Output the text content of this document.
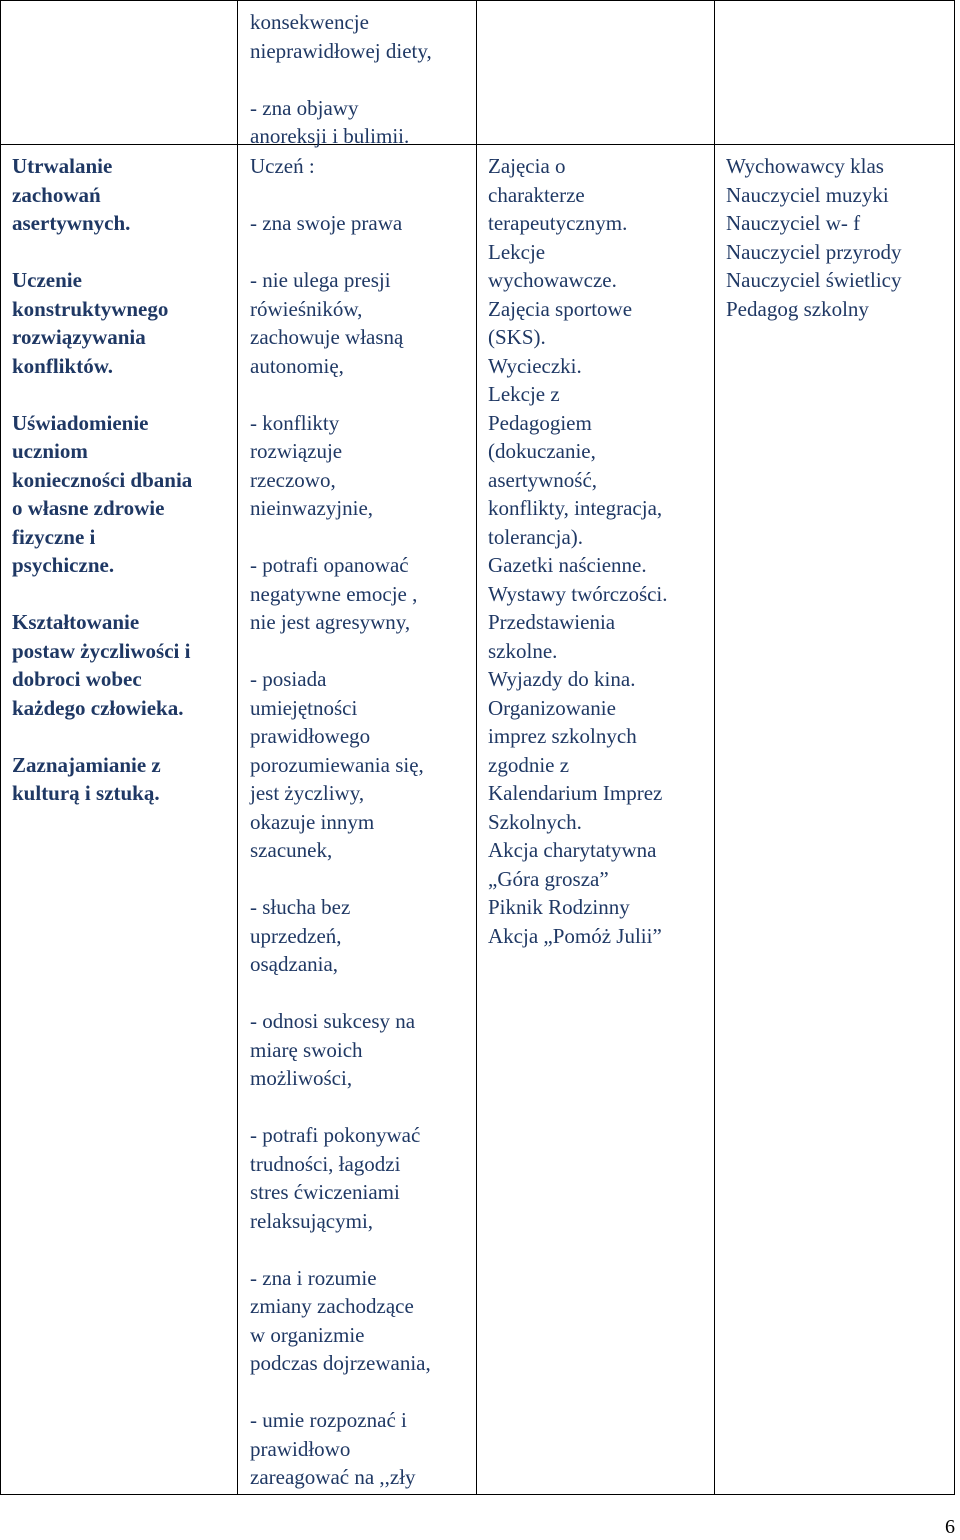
Utrwalanie
zachowań
asertywnych.
Uczenie
konstruktywnego
rozwiązywania
konfliktów.
Uświadomienie
uczniom
konieczności dbania
o własne zdrowie
fizyczne i
psychiczne.
Kształtowanie
postaw życzliwości i
dobroci wobec
każdego człowieka.
Zaznajamianie z
kulturą i sztuką.
konsekwencje
nieprawidłowej diety,
- zna objawy
anoreksji i bulimii.
Uczeń :
- zna swoje prawa
- nie ulega presji
rówieśników,
zachowuje własną
autonomię,
- konflikty
rozwiązuje
rzeczowo,
nieinwazyjnie,
- potrafi opanować
negatywne emocje ,
nie jest agresywny,
- posiada
umiejętności
prawidłowego
porozumiewania się,
jest życzliwy,
okazuje innym
szacunek,
- słucha bez
uprzedzeń,
osądzania,
- odnosi sukcesy na
miarę swoich
możliwości,
- potrafi pokonywać
trudności, łagodzi
stres ćwiczeniami
relaksującymi,
- zna i rozumie
zmiany zachodzące
w organizmie
podczas dojrzewania,
- umie rozpoznać i
prawidłowo
zareagować na ,,zły
Zajęcia o
charakterze
terapeutycznym.
Lekcje
wychowawcze.
Zajęcia sportowe
(SKS).
Wycieczki.
Lekcje z
Pedagogiem
(dokuczanie,
asertywność,
konflikty, integracja,
tolerancja).
Gazetki naścienne.
Wystawy twórczości.
Przedstawienia
szkolne.
Wyjazdy do kina.
Organizowanie
imprez szkolnych
zgodnie z
Kalendarium Imprez
Szkolnych.
Akcja charytatywna
„Góra grosza”
Piknik Rodzinny
Akcja „Pomóż Julii”
Wychowawcy klas
Nauczyciel muzyki
Nauczyciel w- f
Nauczyciel przyrody
Nauczyciel świetlicy
Pedagog szkolny
6
